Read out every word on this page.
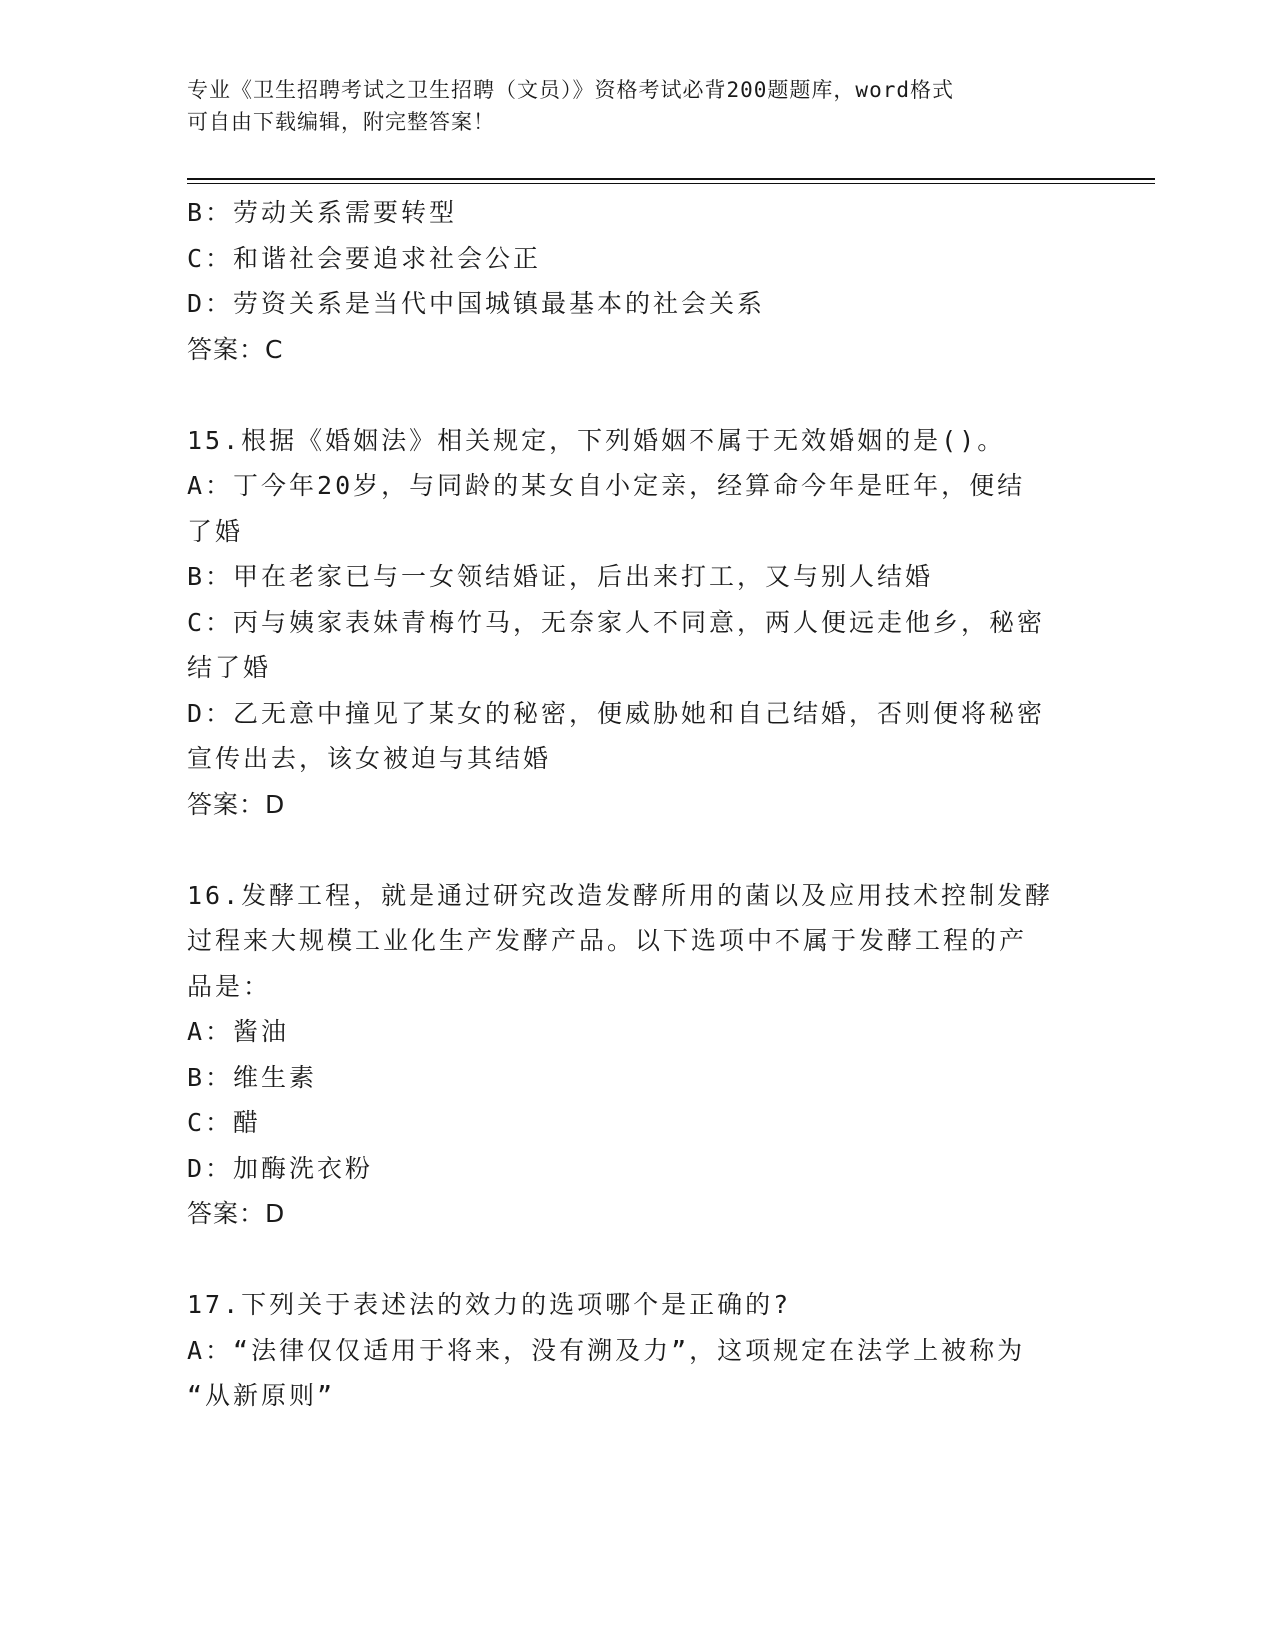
专业《卫生招聘考试之卫生招聘（文员）》资格考试必背200题题库，word格式
可自由下载编辑，附完整答案！
B：劳动关系需要转型
C：和谐社会要追求社会公正
D：劳资关系是当代中国城镇最基本的社会关系
答案：C
15.根据《婚姻法》相关规定，下列婚姻不属于无效婚姻的是()。
A：丁今年20岁，与同龄的某女自小定亲，经算命今年是旺年，便结
了婚
B：甲在老家已与一女领结婚证，后出来打工，又与别人结婚
C：丙与姨家表妹青梅竹马，无奈家人不同意，两人便远走他乡，秘密
结了婚
D：乙无意中撞见了某女的秘密，便威胁她和自己结婚，否则便将秘密
宣传出去，该女被迫与其结婚
答案：D
16.发酵工程，就是通过研究改造发酵所用的菌以及应用技术控制发酵
过程来大规模工业化生产发酵产品。以下选项中不属于发酵工程的产
品是：
A：酱油
B：维生素
C：醋
D：加酶洗衣粉
答案：D
17.下列关于表述法的效力的选项哪个是正确的?
A：“法律仅仅适用于将来，没有溯及力”，这项规定在法学上被称为
“从新原则”
